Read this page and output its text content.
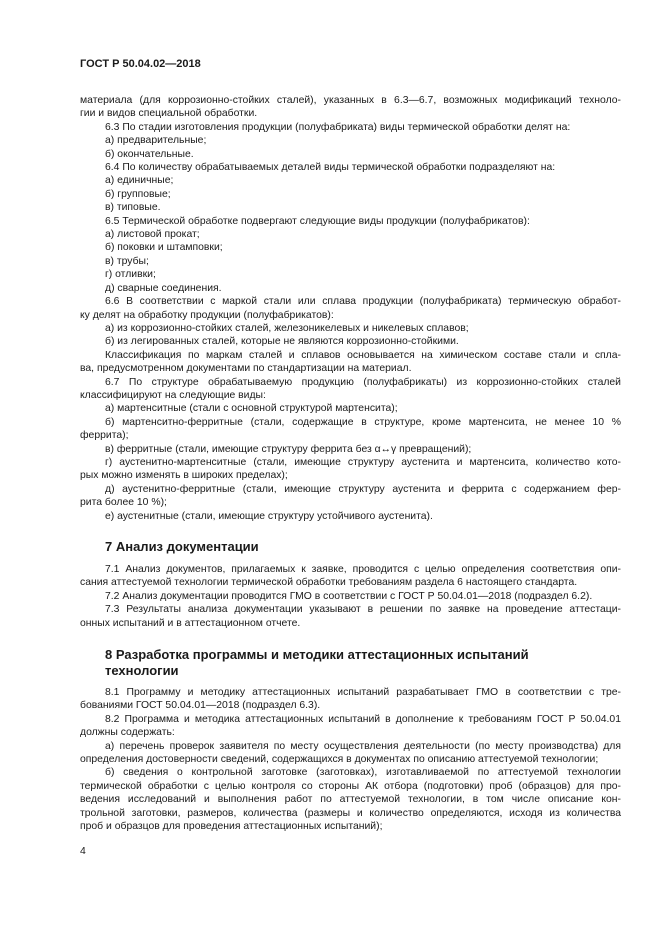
ГОСТ Р 50.04.02—2018
материала (для коррозионно-стойких сталей), указанных в 6.3—6.7, возможных модификаций техноло-
гии и видов специальной обработки.
6.3 По стадии изготовления продукции (полуфабриката) виды термической обработки делят на:
а) предварительные;
б) окончательные.
6.4 По количеству обрабатываемых деталей виды термической обработки подразделяют на:
а) единичные;
б) групповые;
в) типовые.
6.5 Термической обработке подвергают следующие виды продукции (полуфабрикатов):
а) листовой прокат;
б) поковки и штамповки;
в) трубы;
г) отливки;
д) сварные соединения.
6.6 В соответствии с маркой стали или сплава продукции (полуфабриката) термическую обработ-
ку делят на обработку продукции (полуфабрикатов):
а) из коррозионно-стойких сталей, железоникелевых и никелевых сплавов;
б) из легированных сталей, которые не являются коррозионно-стойкими.
Классификация по маркам сталей и сплавов основывается на химическом составе стали и спла-
ва, предусмотренном документами по стандартизации на материал.
6.7 По структуре обрабатываемую продукцию (полуфабрикаты) из коррозионно-стойких сталей
классифицируют на следующие виды:
а) мартенситные (стали с основной структурой мартенсита);
б) мартенситно-ферритные (стали, содержащие в структуре, кроме мартенсита, не менее 10 %
феррита);
в) ферритные (стали, имеющие структуру феррита без α↔γ превращений);
г) аустенитно-мартенситные (стали, имеющие структуру аустенита и мартенсита, количество кото-
рых можно изменять в широких пределах);
д) аустенитно-ферритные (стали, имеющие структуру аустенита и феррита с содержанием фер-
рита более 10 %);
е) аустенитные (стали, имеющие структуру устойчивого аустенита).
7 Анализ документации
7.1 Анализ документов, прилагаемых к заявке, проводится с целью определения соответствия опи-
сания аттестуемой технологии термической обработки требованиям раздела 6 настоящего стандарта.
7.2 Анализ документации проводится ГМО в соответствии с ГОСТ Р 50.04.01—2018 (подраздел 6.2).
7.3 Результаты анализа документации указывают в решении по заявке на проведение аттестаци-
онных испытаний и в аттестационном отчете.
8 Разработка программы и методики аттестационных испытаний
технологии
8.1 Программу и методику аттестационных испытаний разрабатывает ГМО в соответствии с тре-
бованиями ГОСТ 50.04.01—2018 (подраздел 6.3).
8.2 Программа и методика аттестационных испытаний в дополнение к требованиям ГОСТ Р 50.04.01
должны содержать:
а) перечень проверок заявителя по месту осуществления деятельности (по месту производства) для
определения достоверности сведений, содержащихся в документах по описанию аттестуемой технологии;
б) сведения о контрольной заготовке (заготовках), изготавливаемой по аттестуемой технологии
термической обработки с целью контроля со стороны АК отбора (подготовки) проб (образцов) для про-
ведения исследований и выполнения работ по аттестуемой технологии, в том числе описание кон-
трольной заготовки, размеров, количества (размеры и количество определяются, исходя из количества
проб и образцов для проведения аттестационных испытаний);
4
